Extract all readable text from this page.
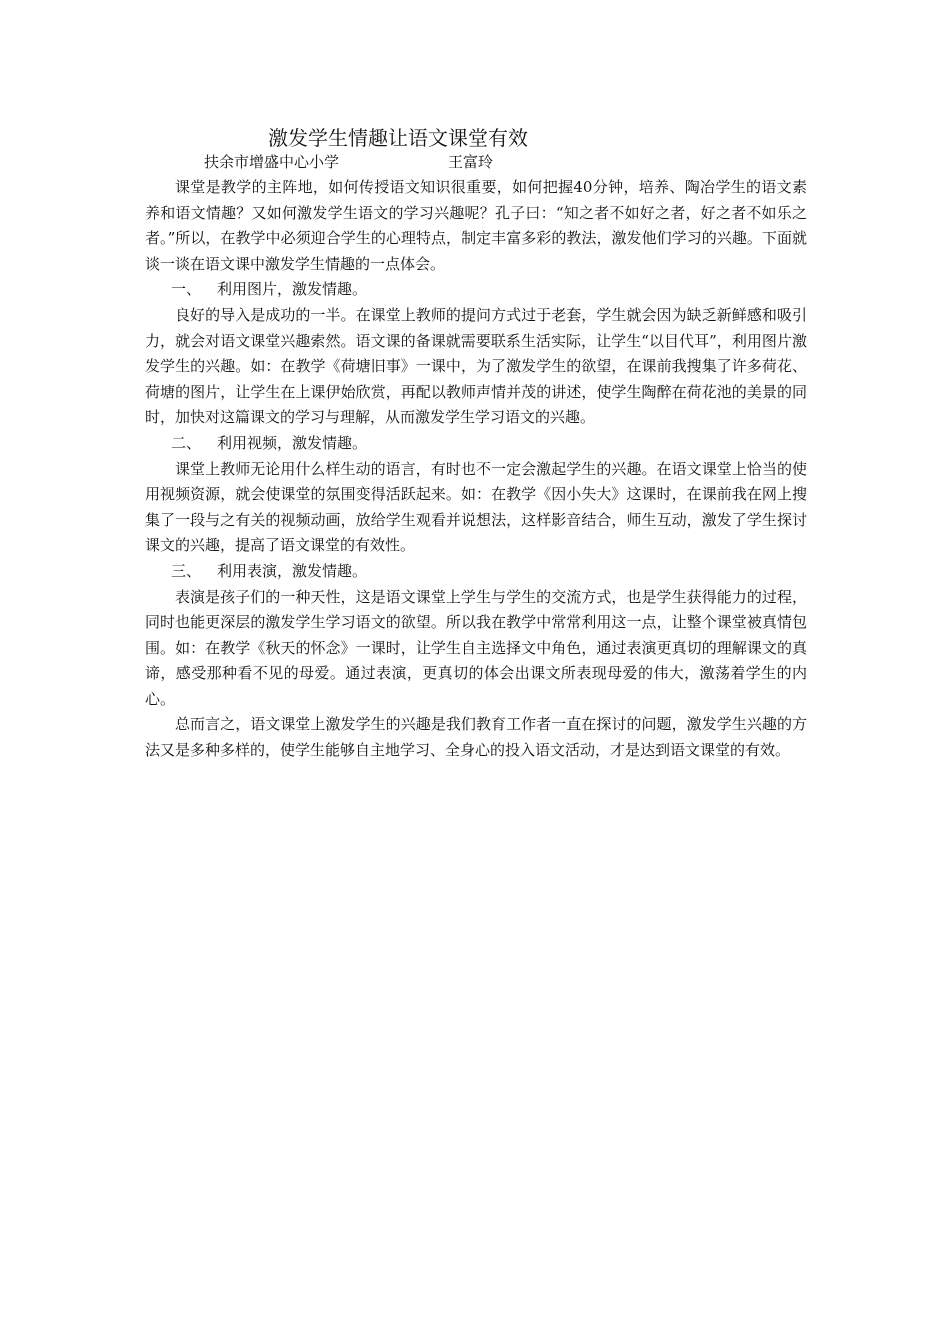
激发学生情趣让语文课堂有效
扶余市增盛中心小学	王富玲

课堂是教学的主阵地，如何传授语文知识很重要，如何把握40分钟，培养、陶冶学生的语文素养和语文情趣？又如何激发学生语文的学习兴趣呢？孔子曰：“知之者不如好之者，好之者不如乐之者。”所以，在教学中必须迎合学生的心理特点，制定丰富多彩的教法，激发他们学习的兴趣。下面就谈一谈在语文课中激发学生情趣的一点体会。

一、 利用图片，激发情趣。

良好的导入是成功的一半。在课堂上教师的提问方式过于老套，学生就会因为缺乏新鲜感和吸引力，就会对语文课堂兴趣索然。语文课的备课就需要联系生活实际，让学生“以目代耳”，利用图片激发学生的兴趣。如：在教学《荷塘旧事》一课中，为了激发学生的欲望，在课前我搜集了许多荷花、荷塘的图片，让学生在上课伊始欣赏，再配以教师声情并茂的讲述，使学生陶醉在荷花池的美景的同时，加快对这篇课文的学习与理解，从而激发学生学习语文的兴趣。

二、 利用视频，激发情趣。

课堂上教师无论用什么样生动的语言，有时也不一定会激起学生的兴趣。在语文课堂上恰当的使用视频资源，就会使课堂的氛围变得活跃起来。如：在教学《因小失大》这课时，在课前我在网上搜集了一段与之有关的视频动画，放给学生观看并说想法，这样影音结合，师生互动，激发了学生探讨课文的兴趣，提高了语文课堂的有效性。

三、 利用表演，激发情趣。

表演是孩子们的一种天性，这是语文课堂上学生与学生的交流方式，也是学生获得能力的过程，同时也能更深层的激发学生学习语文的欲望。所以我在教学中常常利用这一点，让整个课堂被真情包围。如：在教学《秋天的怀念》一课时，让学生自主选择文中角色，通过表演更真切的理解课文的真谛，感受那种看不见的母爱。通过表演，更真切的体会出课文所表现母爱的伟大，激荡着学生的内心。

总而言之，语文课堂上激发学生的兴趣是我们教育工作者一直在探讨的问题，激发学生兴趣的方法又是多种多样的，使学生能够自主地学习、全身心的投入语文活动，才是达到语文课堂的有效。
